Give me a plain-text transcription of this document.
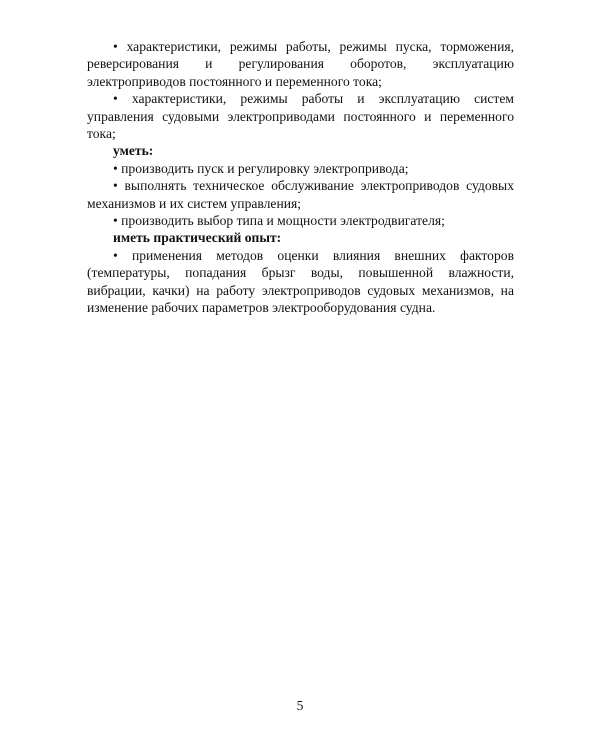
• характеристики, режимы работы, режимы пуска, торможения, реверсирования и регулирования оборотов, эксплуатацию электроприводов постоянного и переменного тока;

• характеристики, режимы работы и эксплуатацию систем управления судовыми электроприводами постоянного и переменного тока;

уметь:

• производить пуск и регулировку электропривода;

• выполнять техническое обслуживание электроприводов судовых механизмов и их систем управления;

• производить выбор типа и мощности электродвигателя;

иметь практический опыт:

• применения методов оценки влияния внешних факторов (температуры, попадания брызг воды, повышенной влажности, вибрации, качки) на работу электроприводов судовых механизмов, на изменение рабочих параметров электрооборудования судна.

5
